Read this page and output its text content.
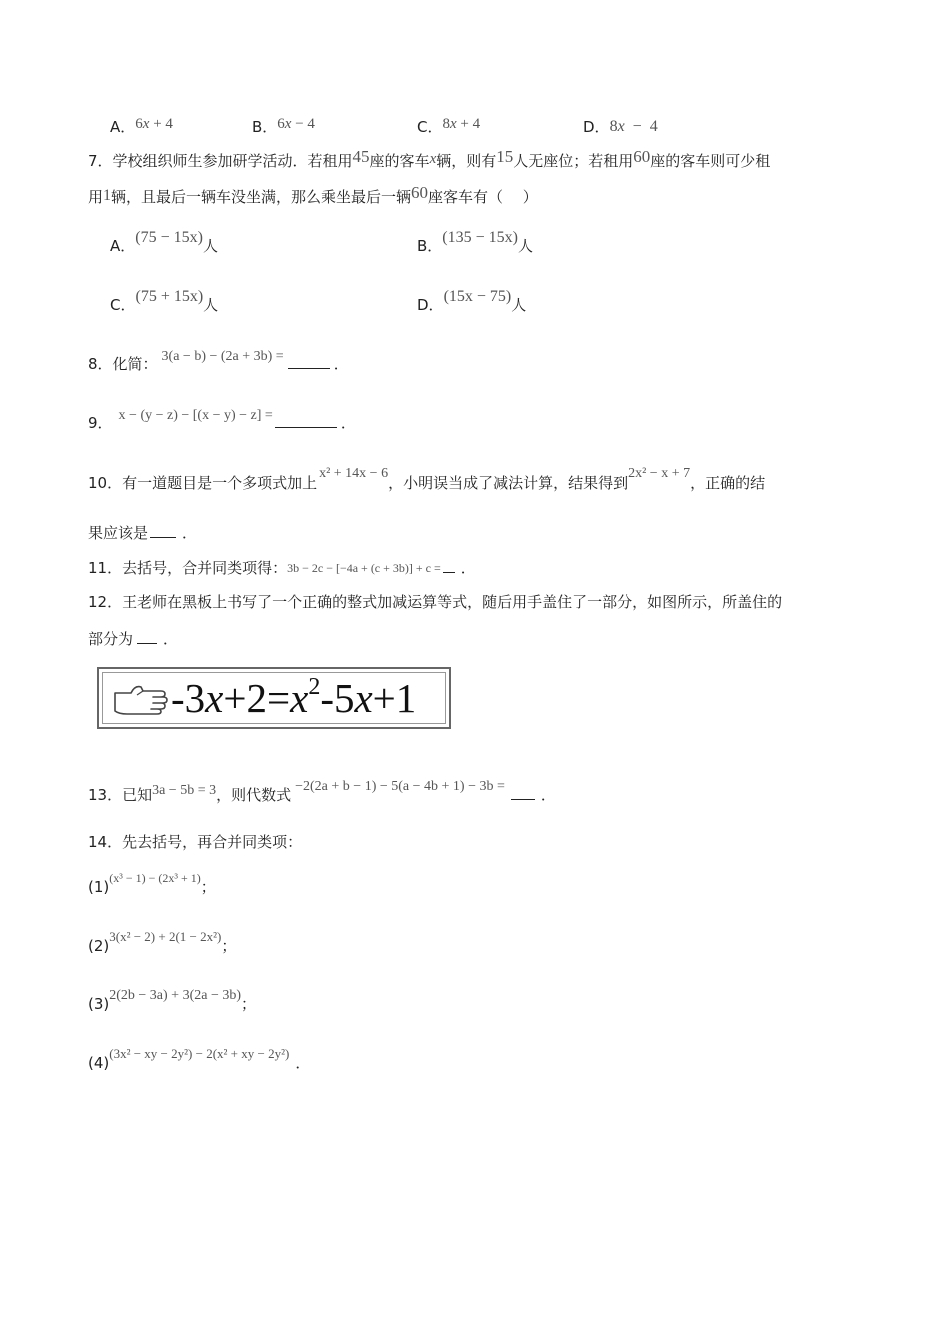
A．6x + 4	B．6x − 4	C．8x + 4	D．8x  −  4
7．学校组织师生参加研学活动．若租用45座的客车x辆，则有15人无座位；若租用60座的客车则可少租
用1辆，且最后一辆车没坐满，那么乘坐最后一辆60座客车有（　 ）
A．(75 − 15x)人	B．(135 − 15x)人
C．(75 + 15x)人	D．(15x − 75)人
8．化简： 3(a − b) − (2a + 3b) =	．
9． x − (y − z) − [(x − y) − z] =	．
10．有一道题目是一个多项式加上x² + 14x − 6，小明误当成了减法计算，结果得到2x² − x + 7，正确的结
果应该是 ．
11．去括号，合并同类项得：3b − 2c − [−4a + (c + 3b)] + c = ．
12．王老师在黑板上书写了一个正确的整式加减运算等式，随后用手盖住了一部分，如图所示，所盖住的
部分为 ．
$-3x+2=x^2-5x+1$
13．已知3a − 5b = 3，则代数式 −2(2a + b − 1) − 5(a − 4b + 1) − 3b = ．
14．先去括号，再合并同类项：
$(1)^{(x^3 - 1) - (2x^3 + 1)}$；
(2)3(x² − 2) + 2(1 − 2x²)；
(3)2(2b − 3a) + 3(2a − 3b)；
(4)(3x² − xy − 2y²) − 2(x² + xy − 2y²)．
